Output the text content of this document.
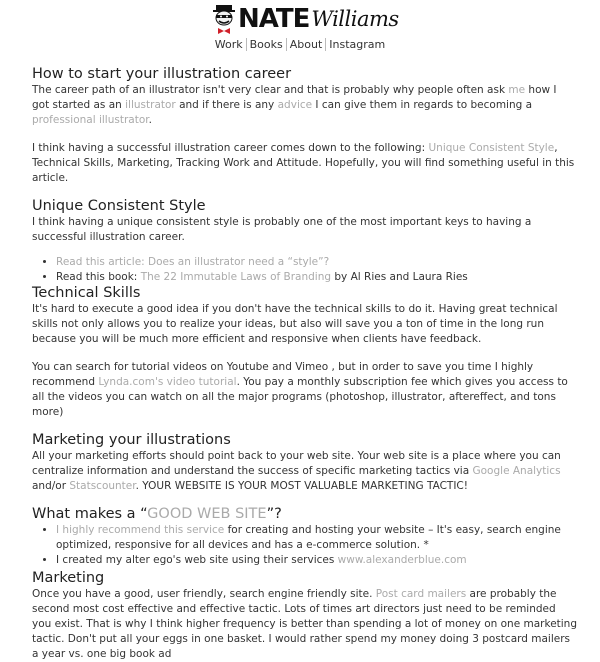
NATE Williams
Work Books About Instagram
How to start your illustration career

The career path of an illustrator isn't very clear and that is probably why people often ask me how I got started as an illustrator and if there is any advice I can give them in regards to becoming a professional illustrator.

I think having a successful illustration career comes down to the following: Unique Consistent Style, Technical Skills, Marketing, Tracking Work and Attitude. Hopefully, you will find something useful in this article.

Unique Consistent Style

I think having a unique consistent style is probably one of the most important keys to having a successful illustration career.

• Read this article: Does an illustrator need a “style”?
• Read this book: The 22 Immutable Laws of Branding by Al Ries and Laura Ries
Technical Skills

It's hard to execute a good idea if you don't have the technical skills to do it. Having great technical skills not only allows you to realize your ideas, but also will save you a ton of time in the long run because you will be much more efficient and responsive when clients have feedback.

You can search for tutorial videos on Youtube and Vimeo , but in order to save you time I highly recommend Lynda.com's video tutorial. You pay a monthly subscription fee which gives you access to all the videos you can watch on all the major programs (photoshop, illustrator, aftereffect, and tons more)

Marketing your illustrations

All your marketing efforts should point back to your web site. Your web site is a place where you can centralize information and understand the success of specific marketing tactics via Google Analytics and/or Statscounter. YOUR WEBSITE IS YOUR MOST VALUABLE MARKETING TACTIC!

What makes a “GOOD WEB SITE”?
• I highly recommend this service for creating and hosting your website – It's easy, search engine optimized, responsive for all devices and has a e-commerce solution. *
• I created my alter ego's web site using their services www.alexanderblue.com
Marketing

Once you have a good, user friendly, search engine friendly site. Post card mailers are probably the second most cost effective and effective tactic. Lots of times art directors just need to be reminded you exist. That is why I think higher frequency is better than spending a lot of money on one marketing tactic. Don't put all your eggs in one basket. I would rather spend my money doing 3 postcard mailers a year vs. one big book ad
